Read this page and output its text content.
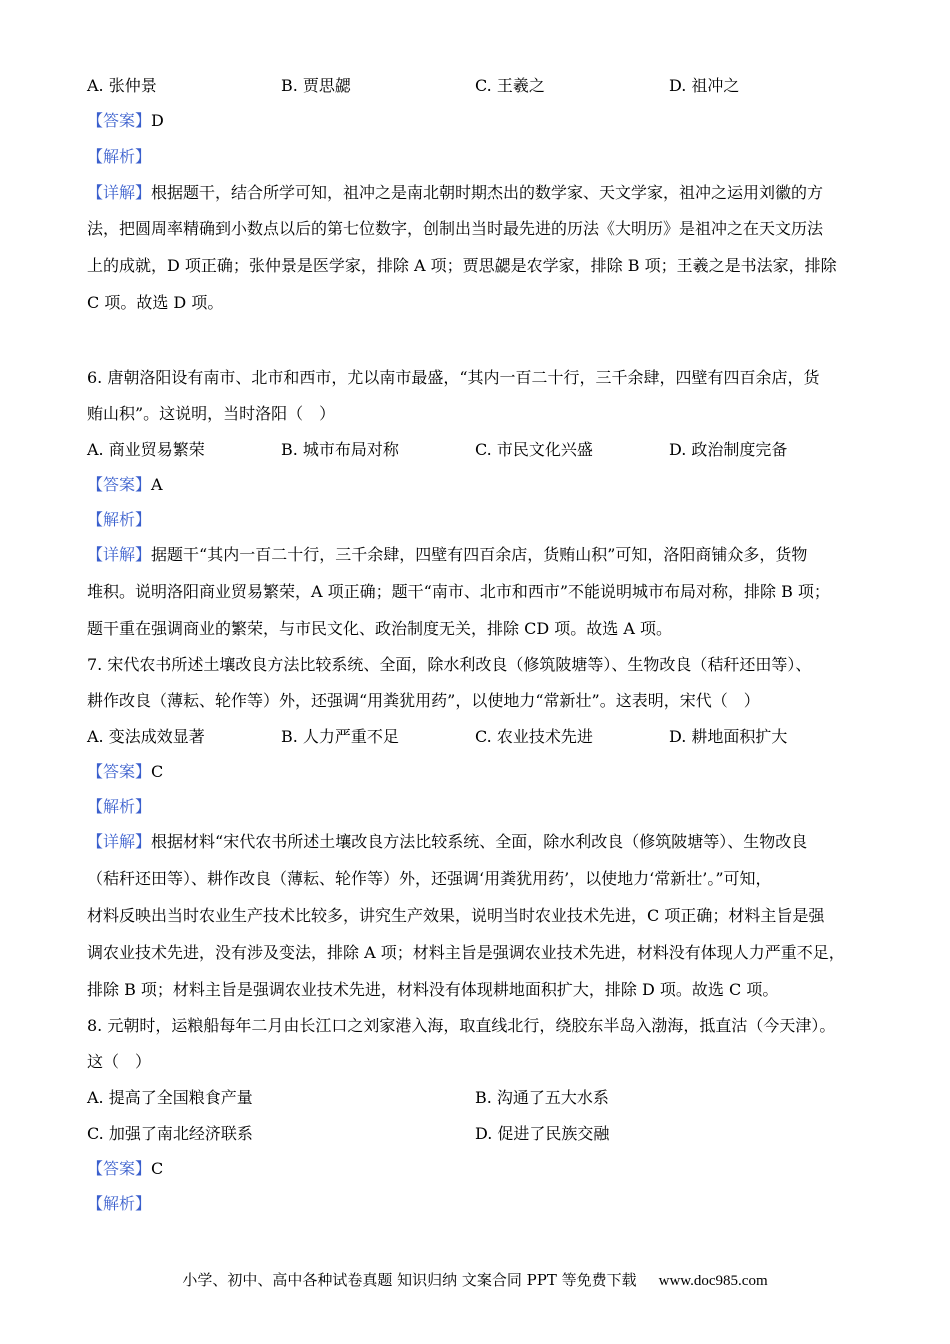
A. 张仲景	B. 贾思勰	C. 王羲之	D. 祖冲之
【答案】D
【解析】
【详解】根据题干，结合所学可知，祖冲之是南北朝时期杰出的数学家、天文学家，祖冲之运用刘徽的方
法，把圆周率精确到小数点以后的第七位数字，创制出当时最先进的历法《大明历》是祖冲之在天文历法
上的成就，D 项正确；张仲景是医学家，排除 A 项；贾思勰是农学家，排除 B 项；王羲之是书法家，排除
C 项。故选 D 项。
6. 唐朝洛阳设有南市、北市和西市，尤以南市最盛，“其内一百二十行，三千余肆，四壁有四百余店，货
贿山积”。这说明，当时洛阳（　）
A. 商业贸易繁荣	B. 城市布局对称	C. 市民文化兴盛	D. 政治制度完备
【答案】A
【解析】
【详解】据题干“其内一百二十行，三千余肆，四壁有四百余店，货贿山积”可知，洛阳商铺众多，货物
堆积。说明洛阳商业贸易繁荣，A 项正确；题干“南市、北市和西市”不能说明城市布局对称，排除 B 项；
题干重在强调商业的繁荣，与市民文化、政治制度无关，排除 CD 项。故选 A 项。
7. 宋代农书所述土壤改良方法比较系统、全面，除水利改良（修筑陂塘等）、生物改良（秸秆还田等）、
耕作改良（薄耘、轮作等）外，还强调“用粪犹用药”，以使地力“常新壮”。这表明，宋代（　）
A. 变法成效显著	B. 人力严重不足	C. 农业技术先进	D. 耕地面积扩大
【答案】C
【解析】
【详解】根据材料“宋代农书所述土壤改良方法比较系统、全面，除水利改良（修筑陂塘等）、生物改良
（秸秆还田等）、耕作改良（薄耘、轮作等）外，还强调‘用粪犹用药’，以使地力‘常新壮’。”可知，
材料反映出当时农业生产技术比较多，讲究生产效果，说明当时农业技术先进，C 项正确；材料主旨是强
调农业技术先进，没有涉及变法，排除 A 项；材料主旨是强调农业技术先进，材料没有体现人力严重不足，
排除 B 项；材料主旨是强调农业技术先进，材料没有体现耕地面积扩大，排除 D 项。故选 C 项。
8. 元朝时，运粮船每年二月由长江口之刘家港入海，取直线北行，绕胶东半岛入渤海，抵直沽（今天津）。
这（　）
A. 提高了全国粮食产量	B. 沟通了五大水系
C. 加强了南北经济联系	D. 促进了民族交融
【答案】C
【解析】
小学、初中、高中各种试卷真题 知识归纳 文案合同 PPT 等免费下载 www.doc985.com
